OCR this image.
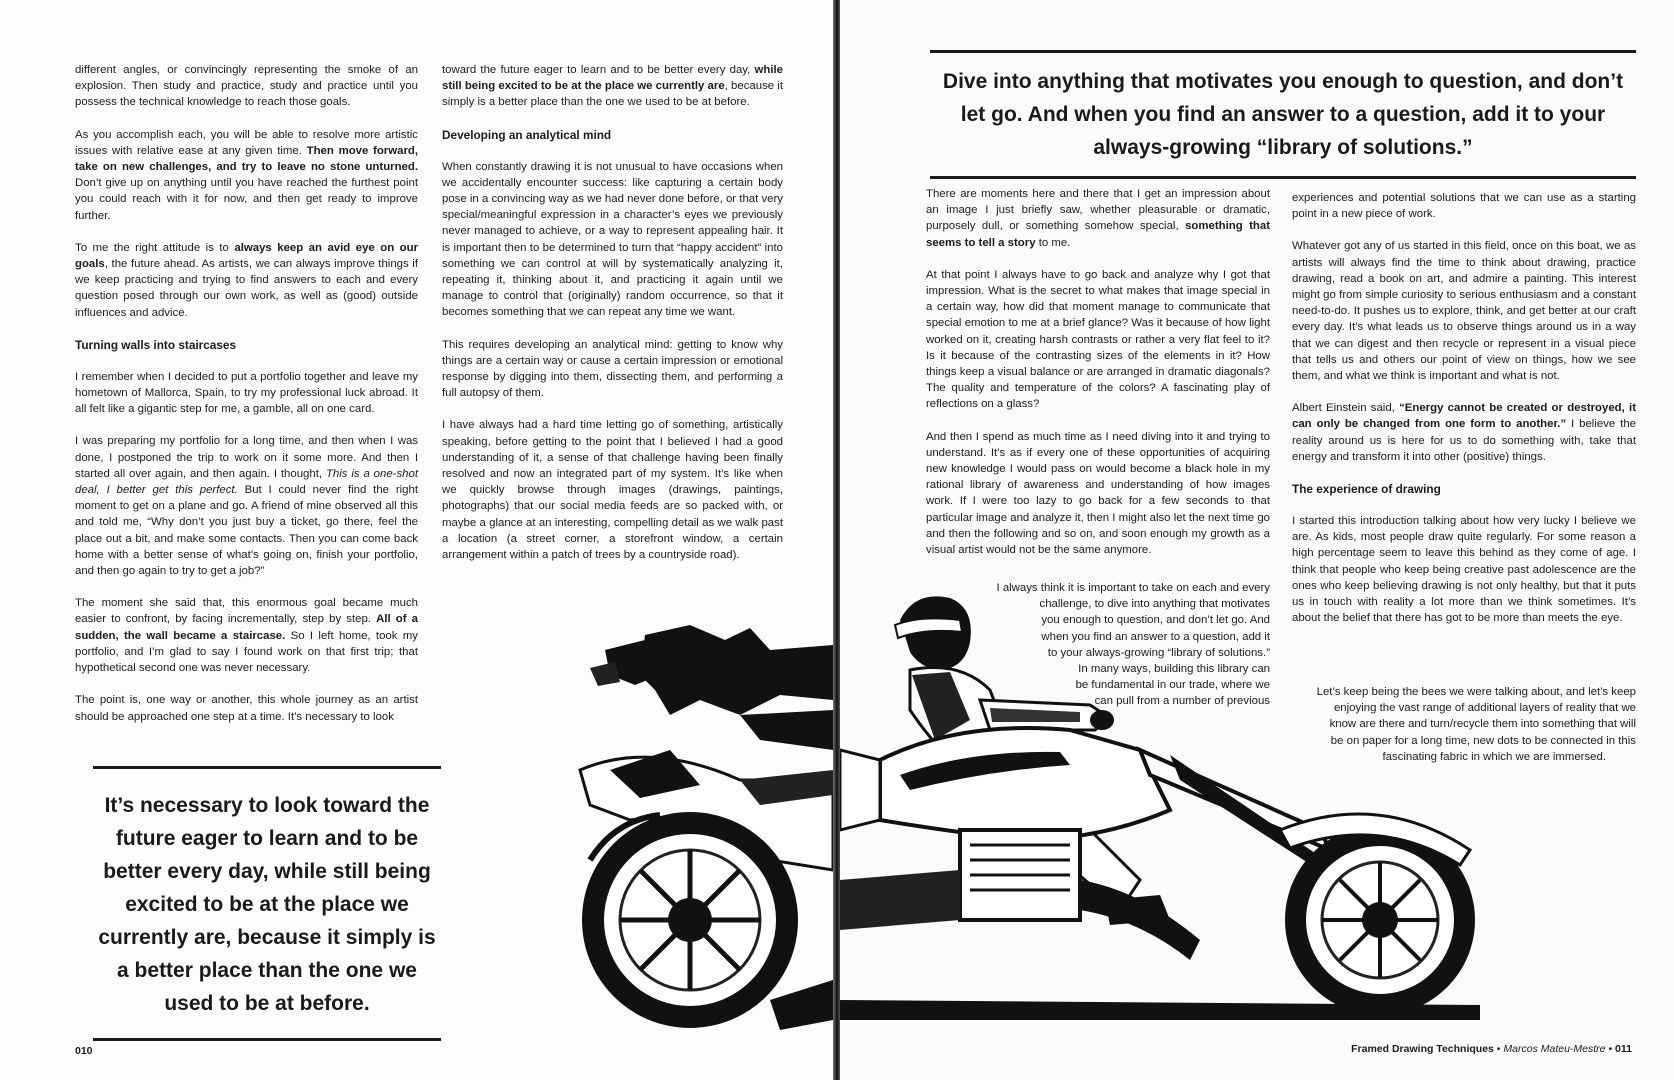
different angles, or convincingly representing the smoke of an explosion. Then study and practice, study and practice until you possess the technical knowledge to reach those goals.

As you accomplish each, you will be able to resolve more artistic issues with relative ease at any given time. Then move forward, take on new challenges, and try to leave no stone unturned. Don’t give up on anything until you have reached the furthest point you could reach with it for now, and then get ready to improve further.

To me the right attitude is to always keep an avid eye on our goals, the future ahead. As artists, we can always improve things if we keep practicing and trying to find answers to each and every question posed through our own work, as well as (good) outside influences and advice.

Turning walls into staircases

I remember when I decided to put a portfolio together and leave my hometown of Mallorca, Spain, to try my professional luck abroad. It all felt like a gigantic step for me, a gamble, all on one card.

I was preparing my portfolio for a long time, and then when I was done, I postponed the trip to work on it some more. And then I started all over again, and then again. I thought, This is a one-shot deal, I better get this perfect. But I could never find the right moment to get on a plane and go. A friend of mine observed all this and told me, “Why don’t you just buy a ticket, go there, feel the place out a bit, and make some contacts. Then you can come back home with a better sense of what’s going on, finish your portfolio, and then go again to try to get a job?”

The moment she said that, this enormous goal became much easier to confront, by facing incrementally, step by step. All of a sudden, the wall became a staircase. So I left home, took my portfolio, and I’m glad to say I found work on that first trip; that hypothetical second one was never necessary.

The point is, one way or another, this whole journey as an artist should be approached one step at a time. It’s necessary to look

toward the future eager to learn and to be better every day, while still being excited to be at the place we currently are, because it simply is a better place than the one we used to be at before.

Developing an analytical mind

When constantly drawing it is not unusual to have occasions when we accidentally encounter success: like capturing a certain body pose in a convincing way as we had never done before, or that very special/meaningful expression in a character’s eyes we previously never managed to achieve, or a way to represent appealing hair. It is important then to be determined to turn that “happy accident” into something we can control at will by systematically analyzing it, repeating it, thinking about it, and practicing it again until we manage to control that (originally) random occurrence, so that it becomes something that we can repeat any time we want.

This requires developing an analytical mind: getting to know why things are a certain way or cause a certain impression or emotional response by digging into them, dissecting them, and performing a full autopsy of them.

I have always had a hard time letting go of something, artistically speaking, before getting to the point that I believed I had a good understanding of it, a sense of that challenge having been finally resolved and now an integrated part of my system. It’s like when we quickly browse through images (drawings, paintings, photographs) that our social media feeds are so packed with, or maybe a glance at an interesting, compelling detail as we walk past a location (a street corner, a storefront window, a certain arrangement within a patch of trees by a countryside road).

It’s necessary to look toward the future eager to learn and to be better every day, while still being excited to be at the place we currently are, because it simply is a better place than the one we used to be at before.
010
Dive into anything that motivates you enough to question, and don’t let go. And when you find an answer to a question, add it to your always-growing “library of solutions.”

There are moments here and there that I get an impression about an image I just briefly saw, whether pleasurable or dramatic, purposely dull, or something somehow special, something that seems to tell a story to me.

At that point I always have to go back and analyze why I got that impression. What is the secret to what makes that image special in a certain way, how did that moment manage to communicate that special emotion to me at a brief glance? Was it because of how light worked on it, creating harsh contrasts or rather a very flat feel to it? Is it because of the contrasting sizes of the elements in it? How things keep a visual balance or are arranged in dramatic diagonals? The quality and temperature of the colors? A fascinating play of reflections on a glass?

And then I spend as much time as I need diving into it and trying to understand. It’s as if every one of these opportunities of acquiring new knowledge I would pass on would become a black hole in my rational library of awareness and understanding of how images work. If I were too lazy to go back for a few seconds to that particular image and analyze it, then I might also let the next time go and then the following and so on, and soon enough my growth as a visual artist would not be the same anymore.

I always think it is important to take on each and every

challenge, to dive into anything that motivates

you enough to question, and don’t let go. And

when you find an answer to a question, add it

to your always-growing “library of solutions.”

In many ways, building this library can

be fundamental in our trade, where we

can pull from a number of previous

experiences and potential solutions that we can use as a starting point in a new piece of work.

Whatever got any of us started in this field, once on this boat, we as artists will always find the time to think about drawing, practice drawing, read a book on art, and admire a painting. This interest might go from simple curiosity to serious enthusiasm and a constant need-to-do. It pushes us to explore, think, and get better at our craft every day. It’s what leads us to observe things around us in a way that we can digest and then recycle or represent in a visual piece that tells us and others our point of view on things, how we see them, and what we think is important and what is not.

Albert Einstein said, “Energy cannot be created or destroyed, it can only be changed from one form to another.” I believe the reality around us is here for us to do something with, take that energy and transform it into other (positive) things.

The experience of drawing

I started this introduction talking about how very lucky I believe we are. As kids, most people draw quite regularly. For some reason a high percentage seem to leave this behind as they come of age. I think that people who keep being creative past adolescence are the ones who keep believing drawing is not only healthy, but that it puts us in touch with reality a lot more than we think sometimes. It’s about the belief that there has got to be more than meets the eye.

Let’s keep being the bees we were talking about, and let’s keep

enjoying the vast range of additional layers of reality that we

know are there and turn/recycle them into something that will

be on paper for a long time, new dots to be connected in this

fascinating fabric in which we are immersed.

Framed Drawing Techniques • Marcos Mateu-Mestre • 011
